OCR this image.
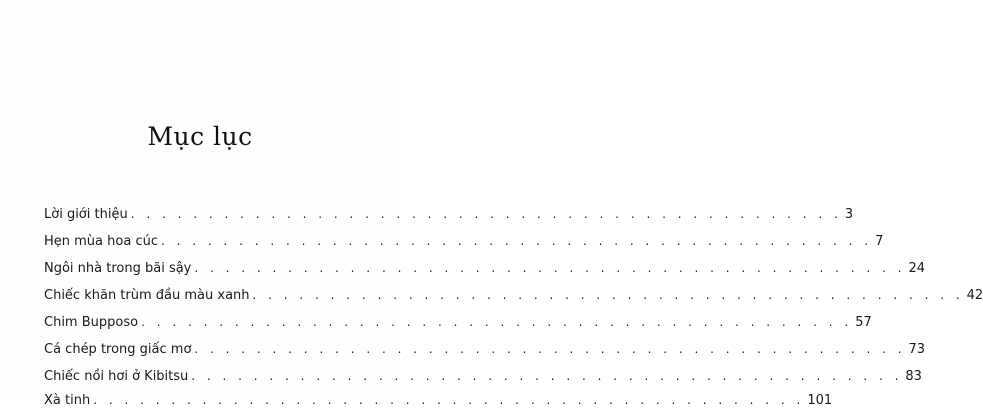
Mục lục
Lời giới thiệu . . .	3
Hẹn mùa hoa cúc . . .	7
Ngôi nhà trong bãi sậy . . .	24
Chiếc khăn trùm đầu màu xanh . . .	42
Chim Bupposo . . .	57
Cá chép trong giấc mơ . . .	73
Chiếc nồi hơi ở Kibitsu . . .	83
Xà tinh . . .	101
